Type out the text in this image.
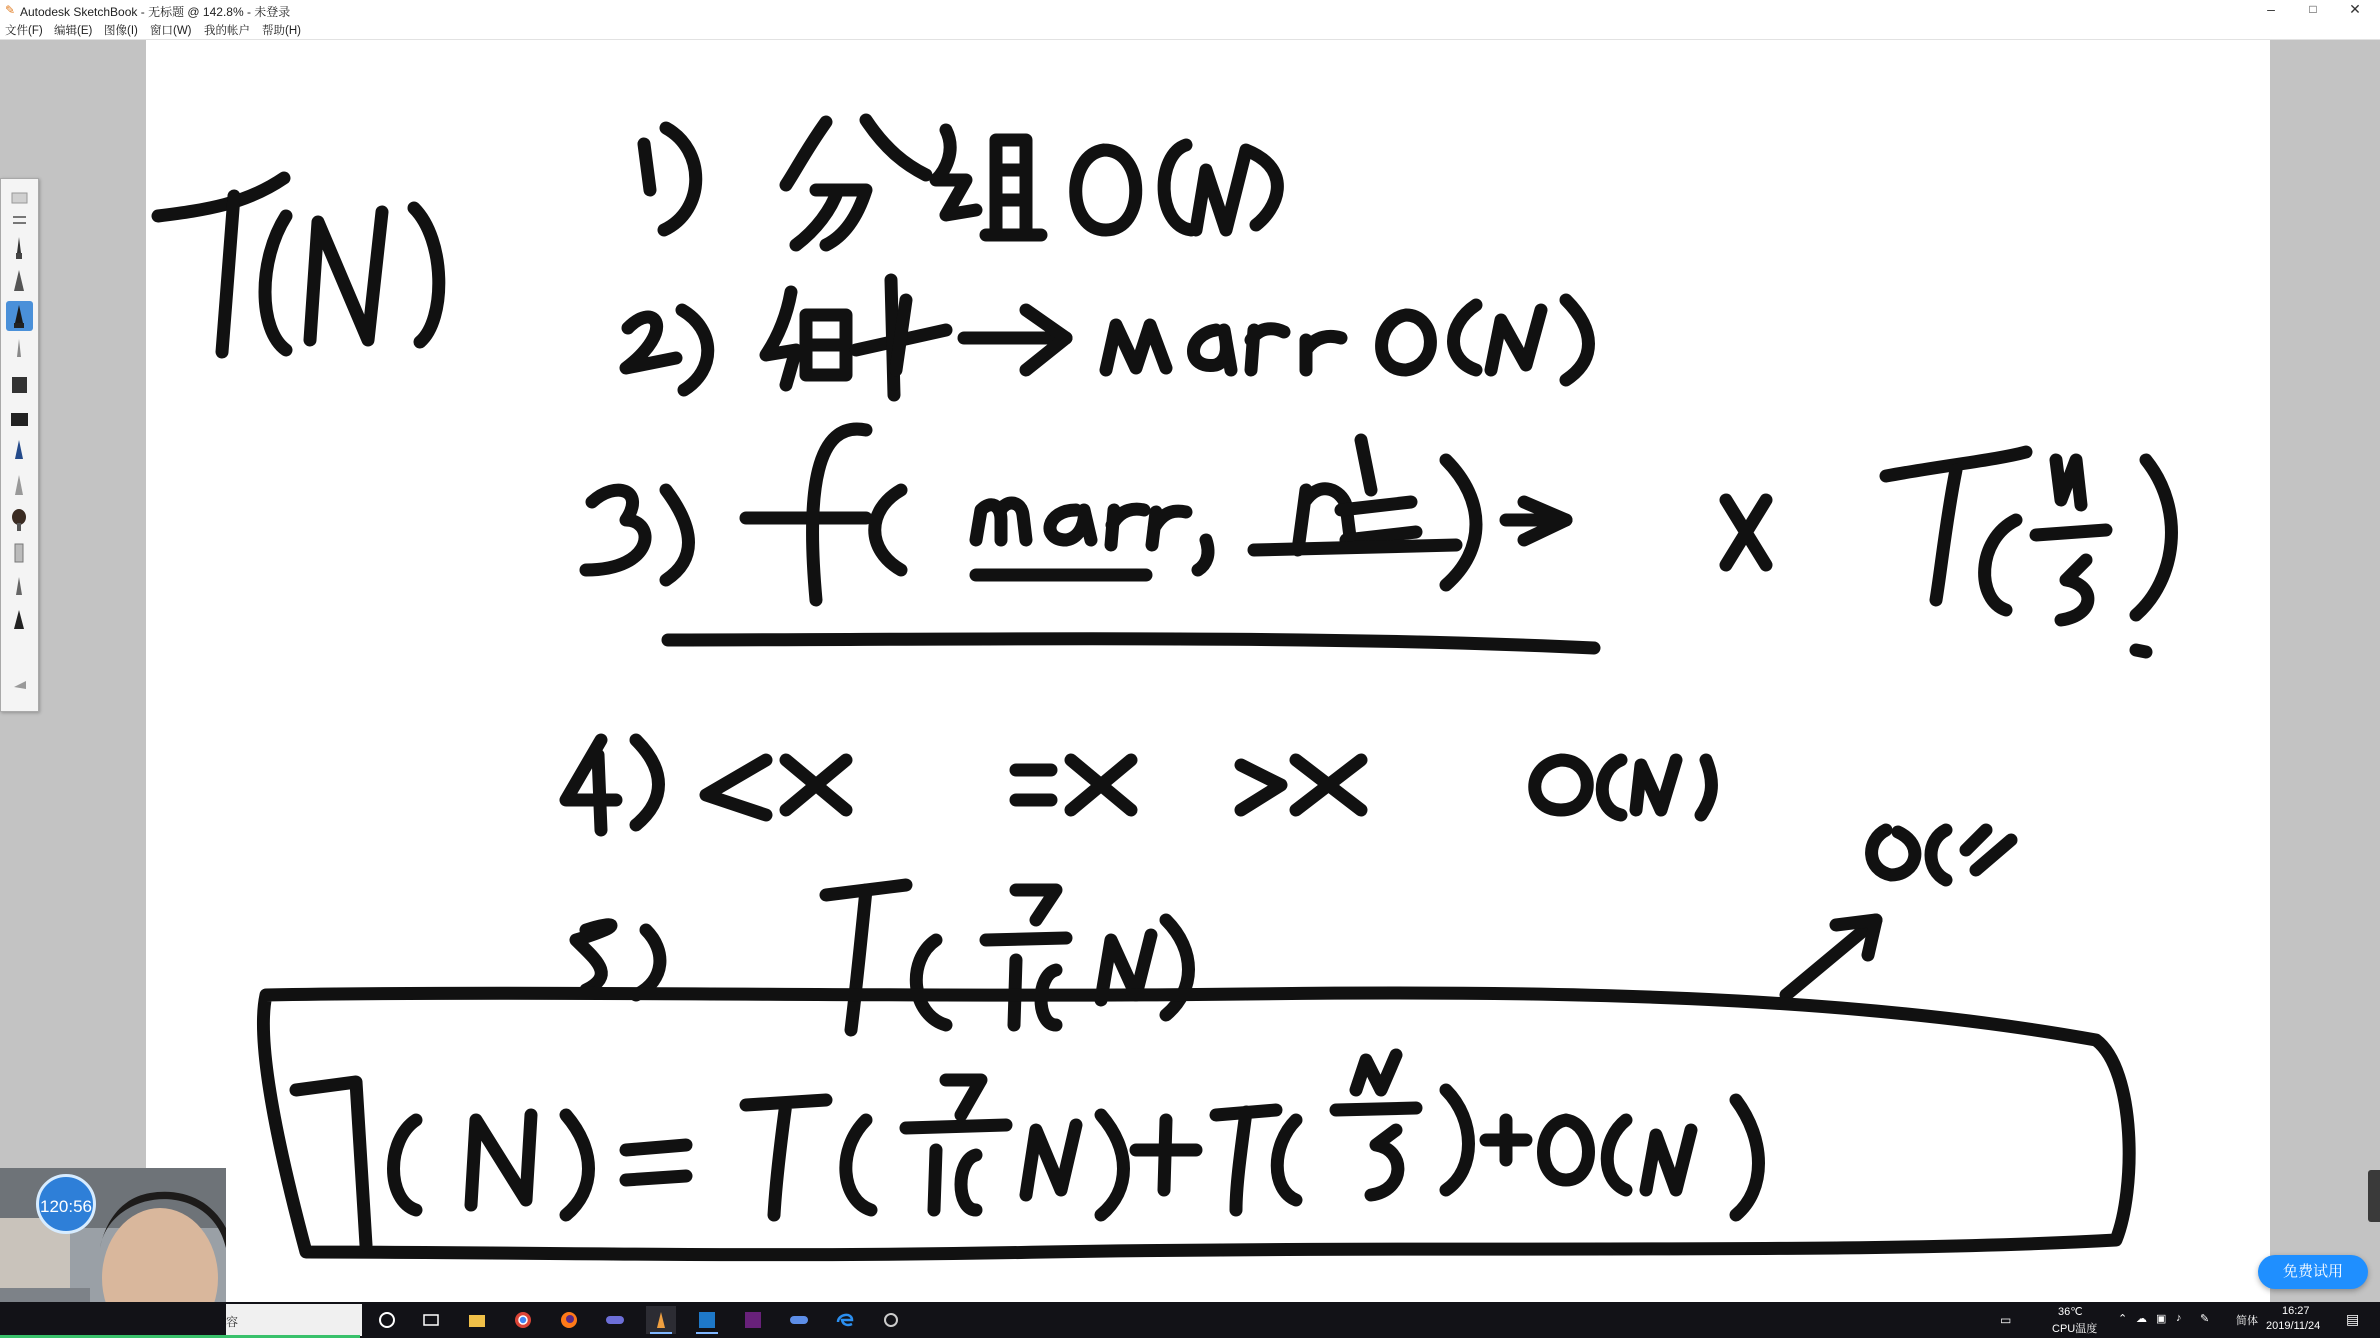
✎ Autodesk SketchBook - 无标题 @ 142.8% - 未登录	–	□	✕
文件(F) 编辑(E) 图像(I) 窗口(W) 我的帐户 帮助(H)
免费试用
120:56
容	▭
36℃
CPU温度
⌃ ☁ ▣ ♪ ✎ 简体
16:27
2019/11/24 ▤
